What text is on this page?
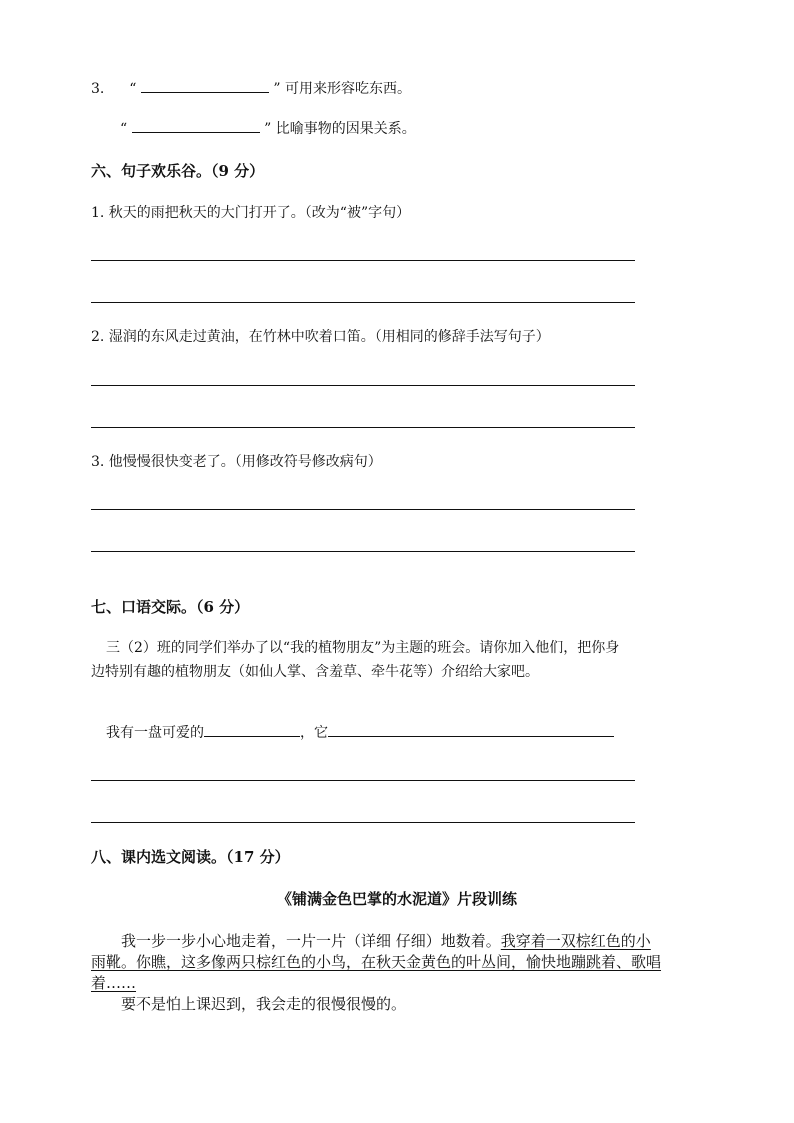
3. “	” 可用来形容吃东西。
“	” 比喻事物的因果关系。
六、句子欢乐谷。（9 分）
1. 秋天的雨把秋天的大门打开了。（改为“被”字句）
2. 湿润的东风走过黄油，在竹林中吹着口笛。（用相同的修辞手法写句子）
3. 他慢慢很快变老了。（用修改符号修改病句）
七、口语交际。（6 分）
三（2）班的同学们举办了以“我的植物朋友”为主题的班会。请你加入他们，把你身
边特别有趣的植物朋友（如仙人掌、含羞草、牵牛花等）介绍给大家吧。
我有一盘可爱的	，它
八、课内选文阅读。（17 分）
《铺满金色巴掌的水泥道》片段训练
我一步一步小心地走着，一片一片（详细 仔细）地数着。我穿着一双棕红色的小
雨靴。你瞧，这多像两只棕红色的小鸟，在秋天金黄色的叶丛间，愉快地蹦跳着、歌唱
着……
要不是怕上课迟到，我会走的很慢很慢的。
